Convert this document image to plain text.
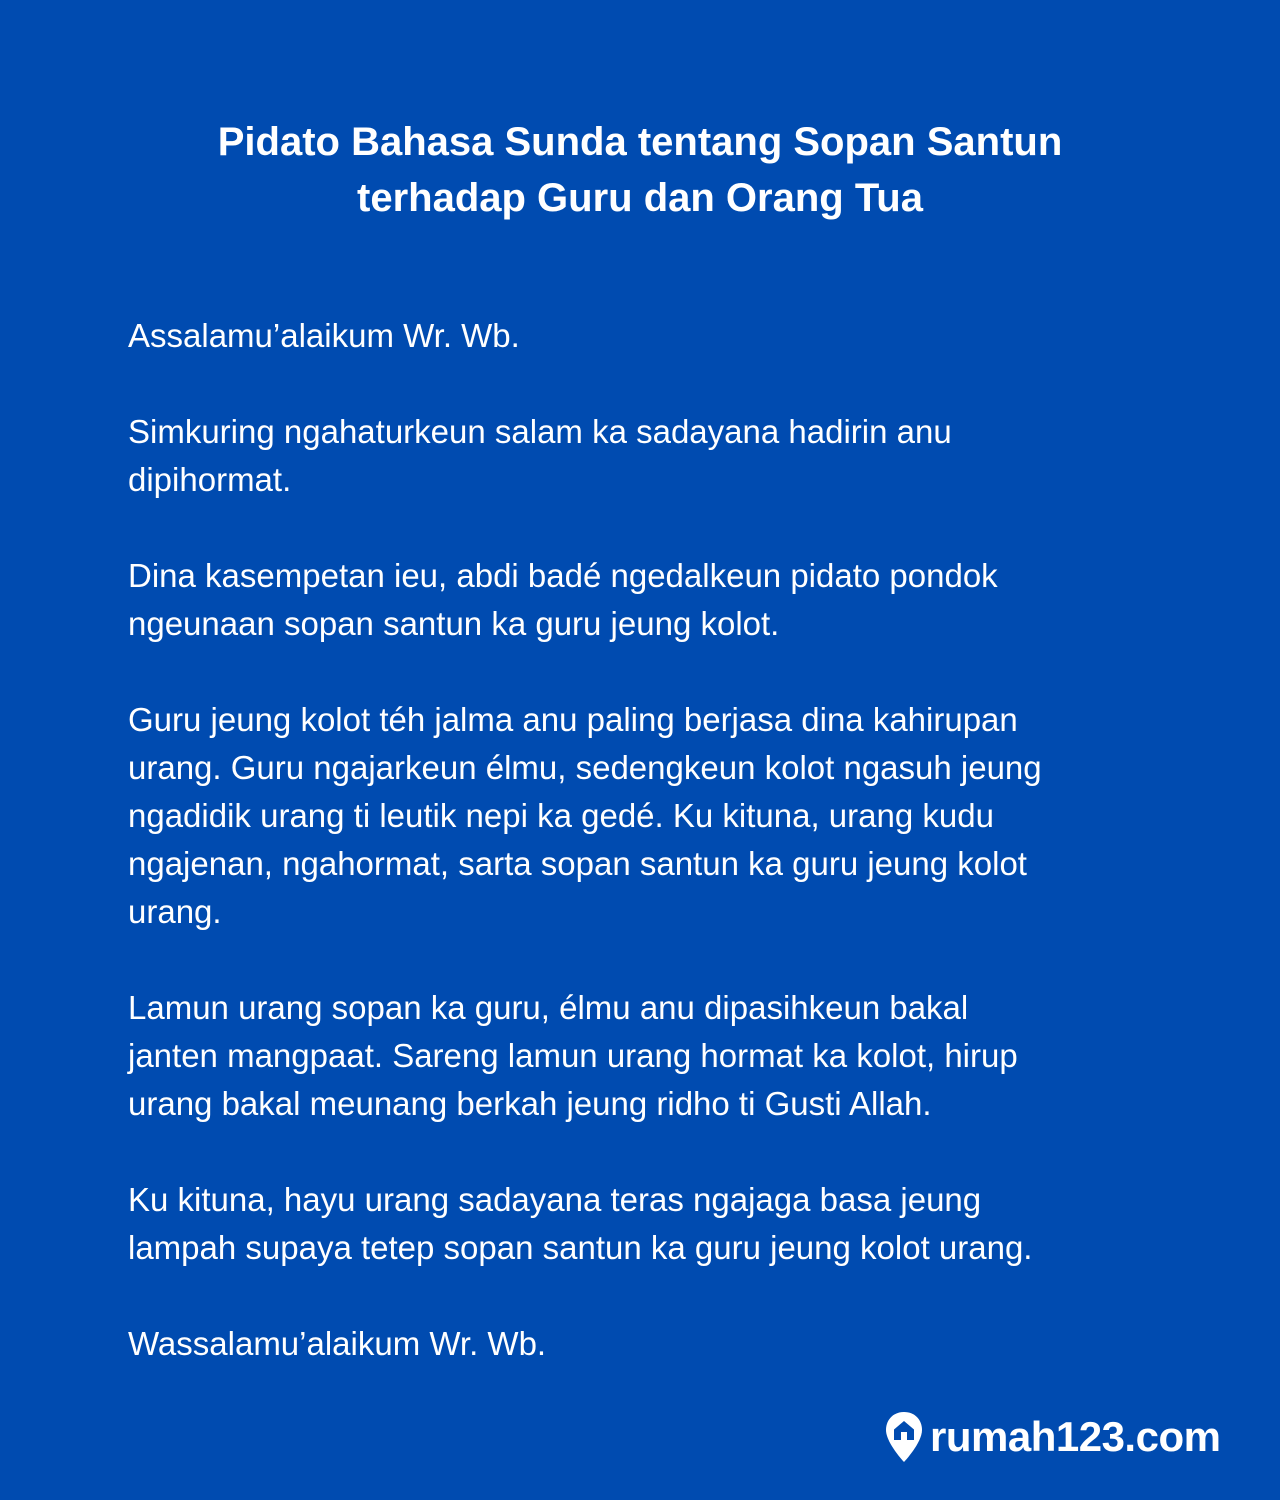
Pidato Bahasa Sunda tentang Sopan Santun
terhadap Guru dan Orang Tua

Assalamu’alaikum Wr. Wb.

Simkuring ngahaturkeun salam ka sadayana hadirin anu
dipihormat.

Dina kasempetan ieu, abdi badé ngedalkeun pidato pondok
ngeunaan sopan santun ka guru jeung kolot.

Guru jeung kolot téh jalma anu paling berjasa dina kahirupan
urang. Guru ngajarkeun élmu, sedengkeun kolot ngasuh jeung
ngadidik urang ti leutik nepi ka gedé. Ku kituna, urang kudu
ngajenan, ngahormat, sarta sopan santun ka guru jeung kolot
urang.

Lamun urang sopan ka guru, élmu anu dipasihkeun bakal
janten mangpaat. Sareng lamun urang hormat ka kolot, hirup
urang bakal meunang berkah jeung ridho ti Gusti Allah.

Ku kituna, hayu urang sadayana teras ngajaga basa jeung
lampah supaya tetep sopan santun ka guru jeung kolot urang.

Wassalamu’alaikum Wr. Wb.

rumah123.com
